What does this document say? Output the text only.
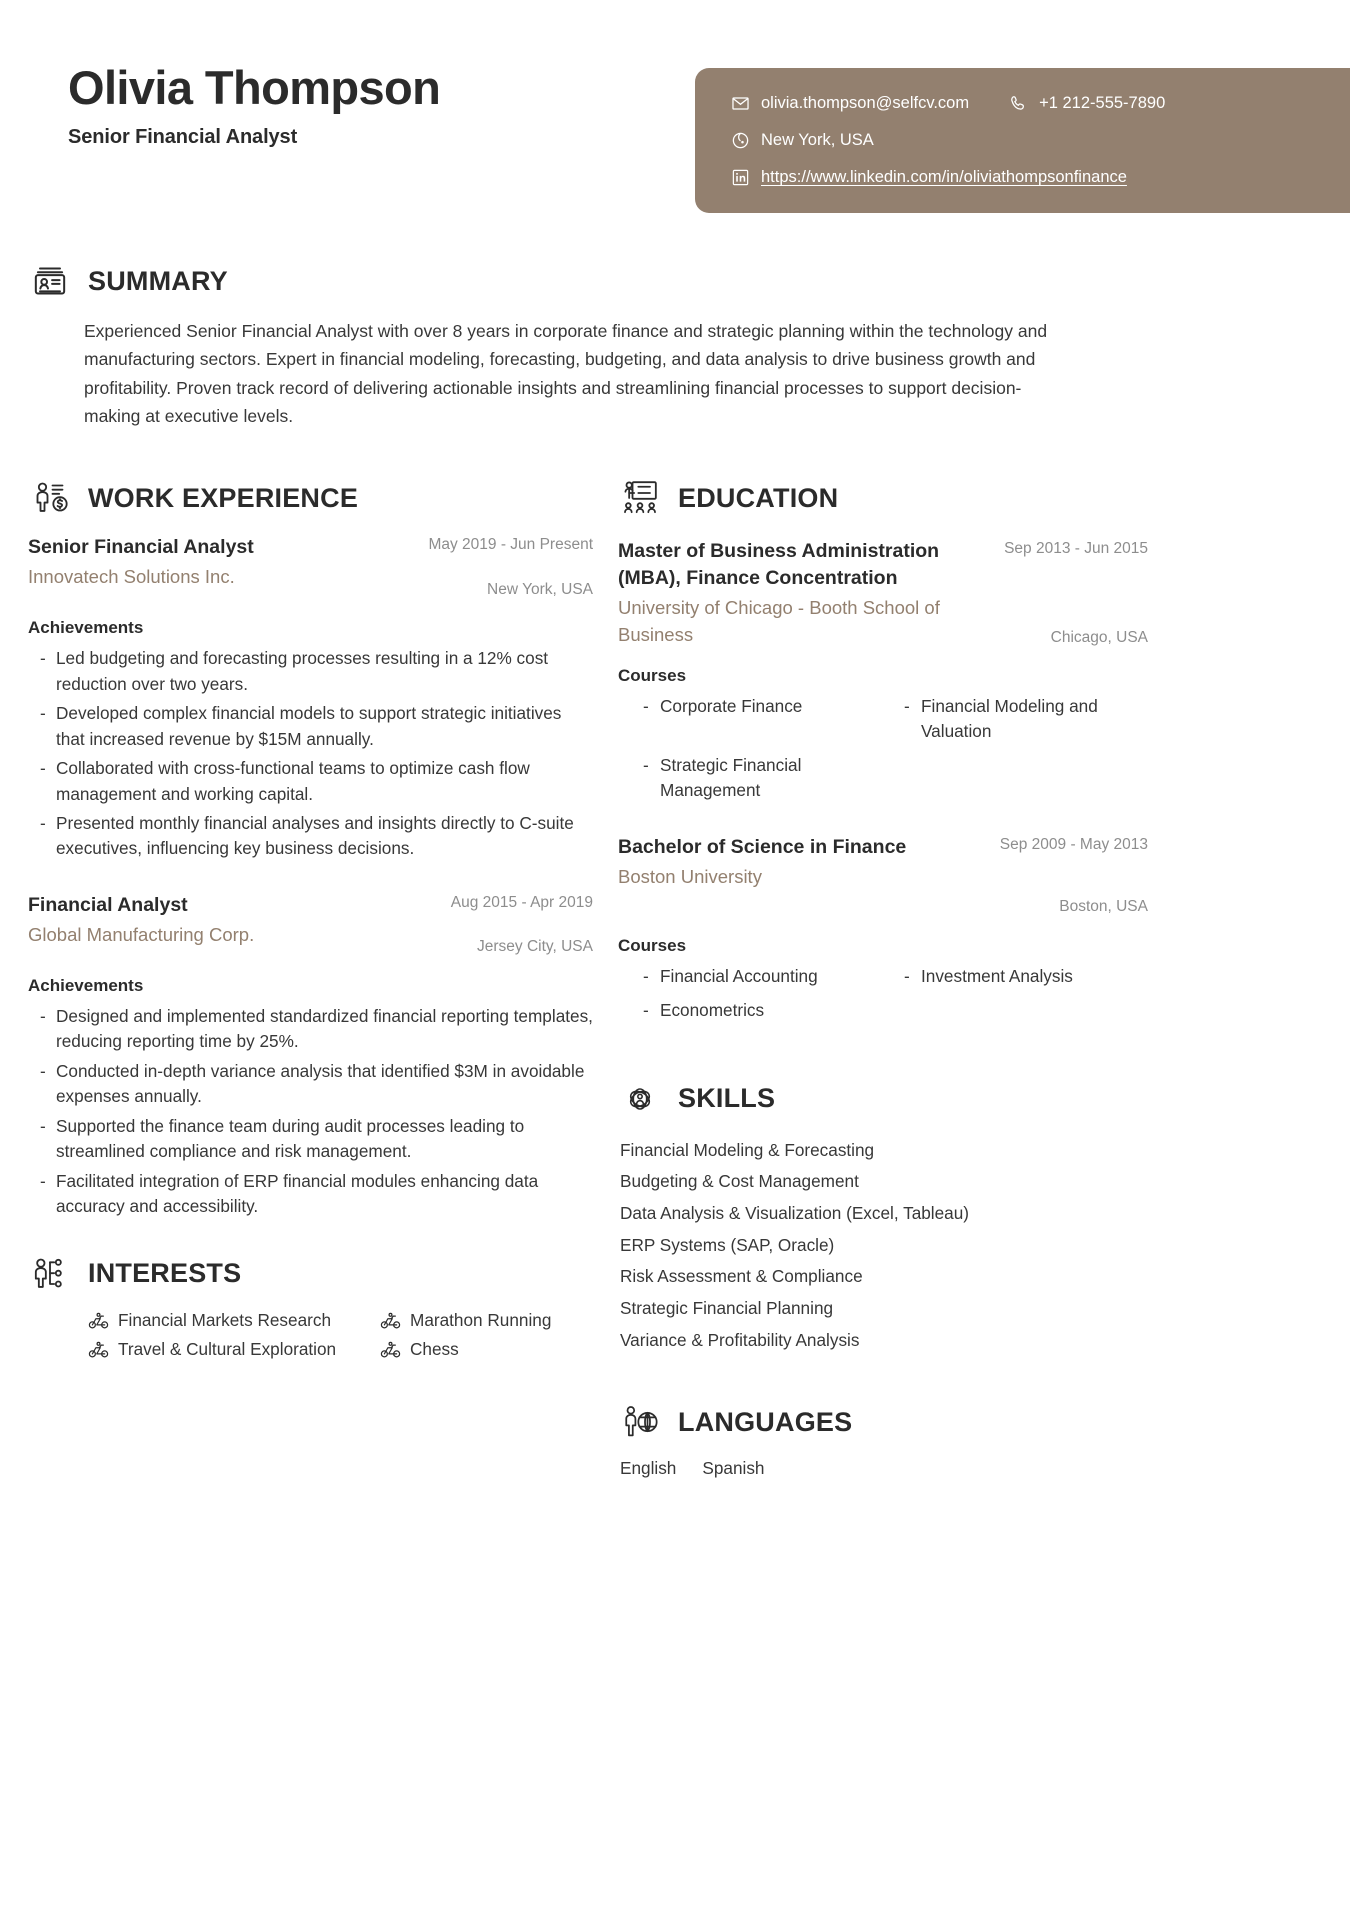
Olivia Thompson
Senior Financial Analyst
olivia.thompson@selfcv.com	+1 212-555-7890
New York, USA
https://www.linkedin.com/in/oliviathompsonfinance
SUMMARY
Experienced Senior Financial Analyst with over 8 years in corporate finance and strategic planning within the technology and manufacturing sectors. Expert in financial modeling, forecasting, budgeting, and data analysis to drive business growth and profitability. Proven track record of delivering actionable insights and streamlining financial processes to support decision-making at executive levels.
WORK EXPERIENCE
Senior Financial Analyst
Innovatech Solutions Inc.
May 2019 - Jun Present
New York, USA
Achievements
- Led budgeting and forecasting processes resulting in a 12% cost reduction over two years.
- Developed complex financial models to support strategic initiatives that increased revenue by $15M annually.
- Collaborated with cross-functional teams to optimize cash flow management and working capital.
- Presented monthly financial analyses and insights directly to C-suite executives, influencing key business decisions.
Financial Analyst
Global Manufacturing Corp.
Aug 2015 - Apr 2019
Jersey City, USA
Achievements
- Designed and implemented standardized financial reporting templates, reducing reporting time by 25%.
- Conducted in-depth variance analysis that identified $3M in avoidable expenses annually.
- Supported the finance team during audit processes leading to streamlined compliance and risk management.
- Facilitated integration of ERP financial modules enhancing data accuracy and accessibility.
INTERESTS
Financial Markets Research	Marathon Running
Travel & Cultural Exploration	Chess
EDUCATION
Master of Business Administration (MBA), Finance Concentration
University of Chicago - Booth School of Business
Sep 2013 - Jun 2015
Chicago, USA
Courses
- Corporate Finance	- Financial Modeling and Valuation
- Strategic Financial Management
Bachelor of Science in Finance
Boston University
Sep 2009 - May 2013
Boston, USA
Courses
- Financial Accounting	- Investment Analysis
- Econometrics
SKILLS
Financial Modeling & Forecasting
Budgeting & Cost Management
Data Analysis & Visualization (Excel, Tableau)
ERP Systems (SAP, Oracle)
Risk Assessment & Compliance
Strategic Financial Planning
Variance & Profitability Analysis
LANGUAGES
English Spanish
